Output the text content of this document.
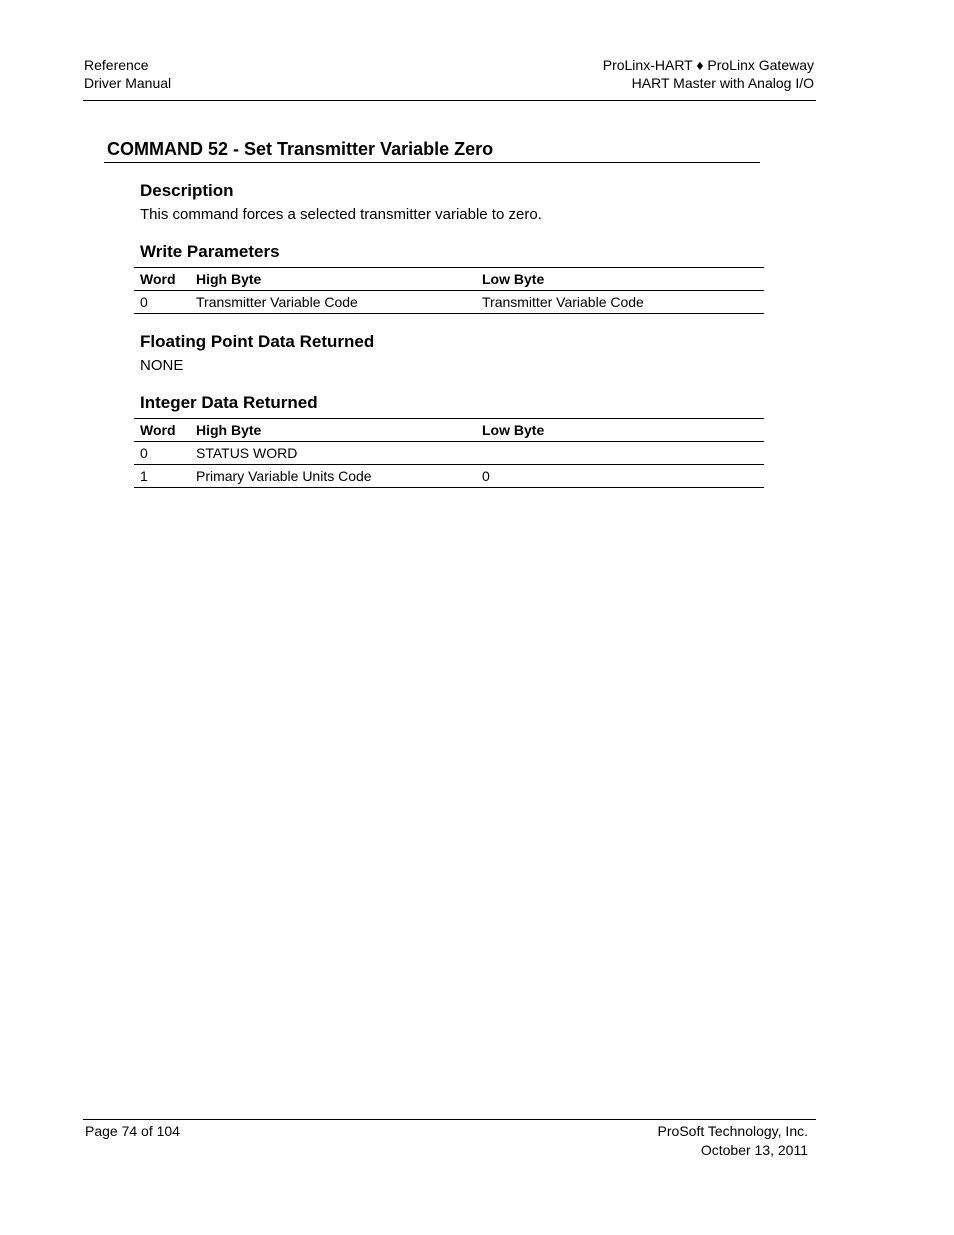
Reference
Driver Manual
ProLinx-HART ♦ ProLinx Gateway
HART Master with Analog I/O
COMMAND 52 - Set Transmitter Variable Zero
Description

This command forces a selected transmitter variable to zero.

Write Parameters
Word	High Byte	Low Byte
0	Transmitter Variable Code	Transmitter Variable Code
Floating Point Data Returned

NONE

Integer Data Returned
Word	High Byte	Low Byte
0	STATUS WORD	
1	Primary Variable Units Code	0
Page 74 of 104	ProSoft Technology, Inc.
October 13, 2011
